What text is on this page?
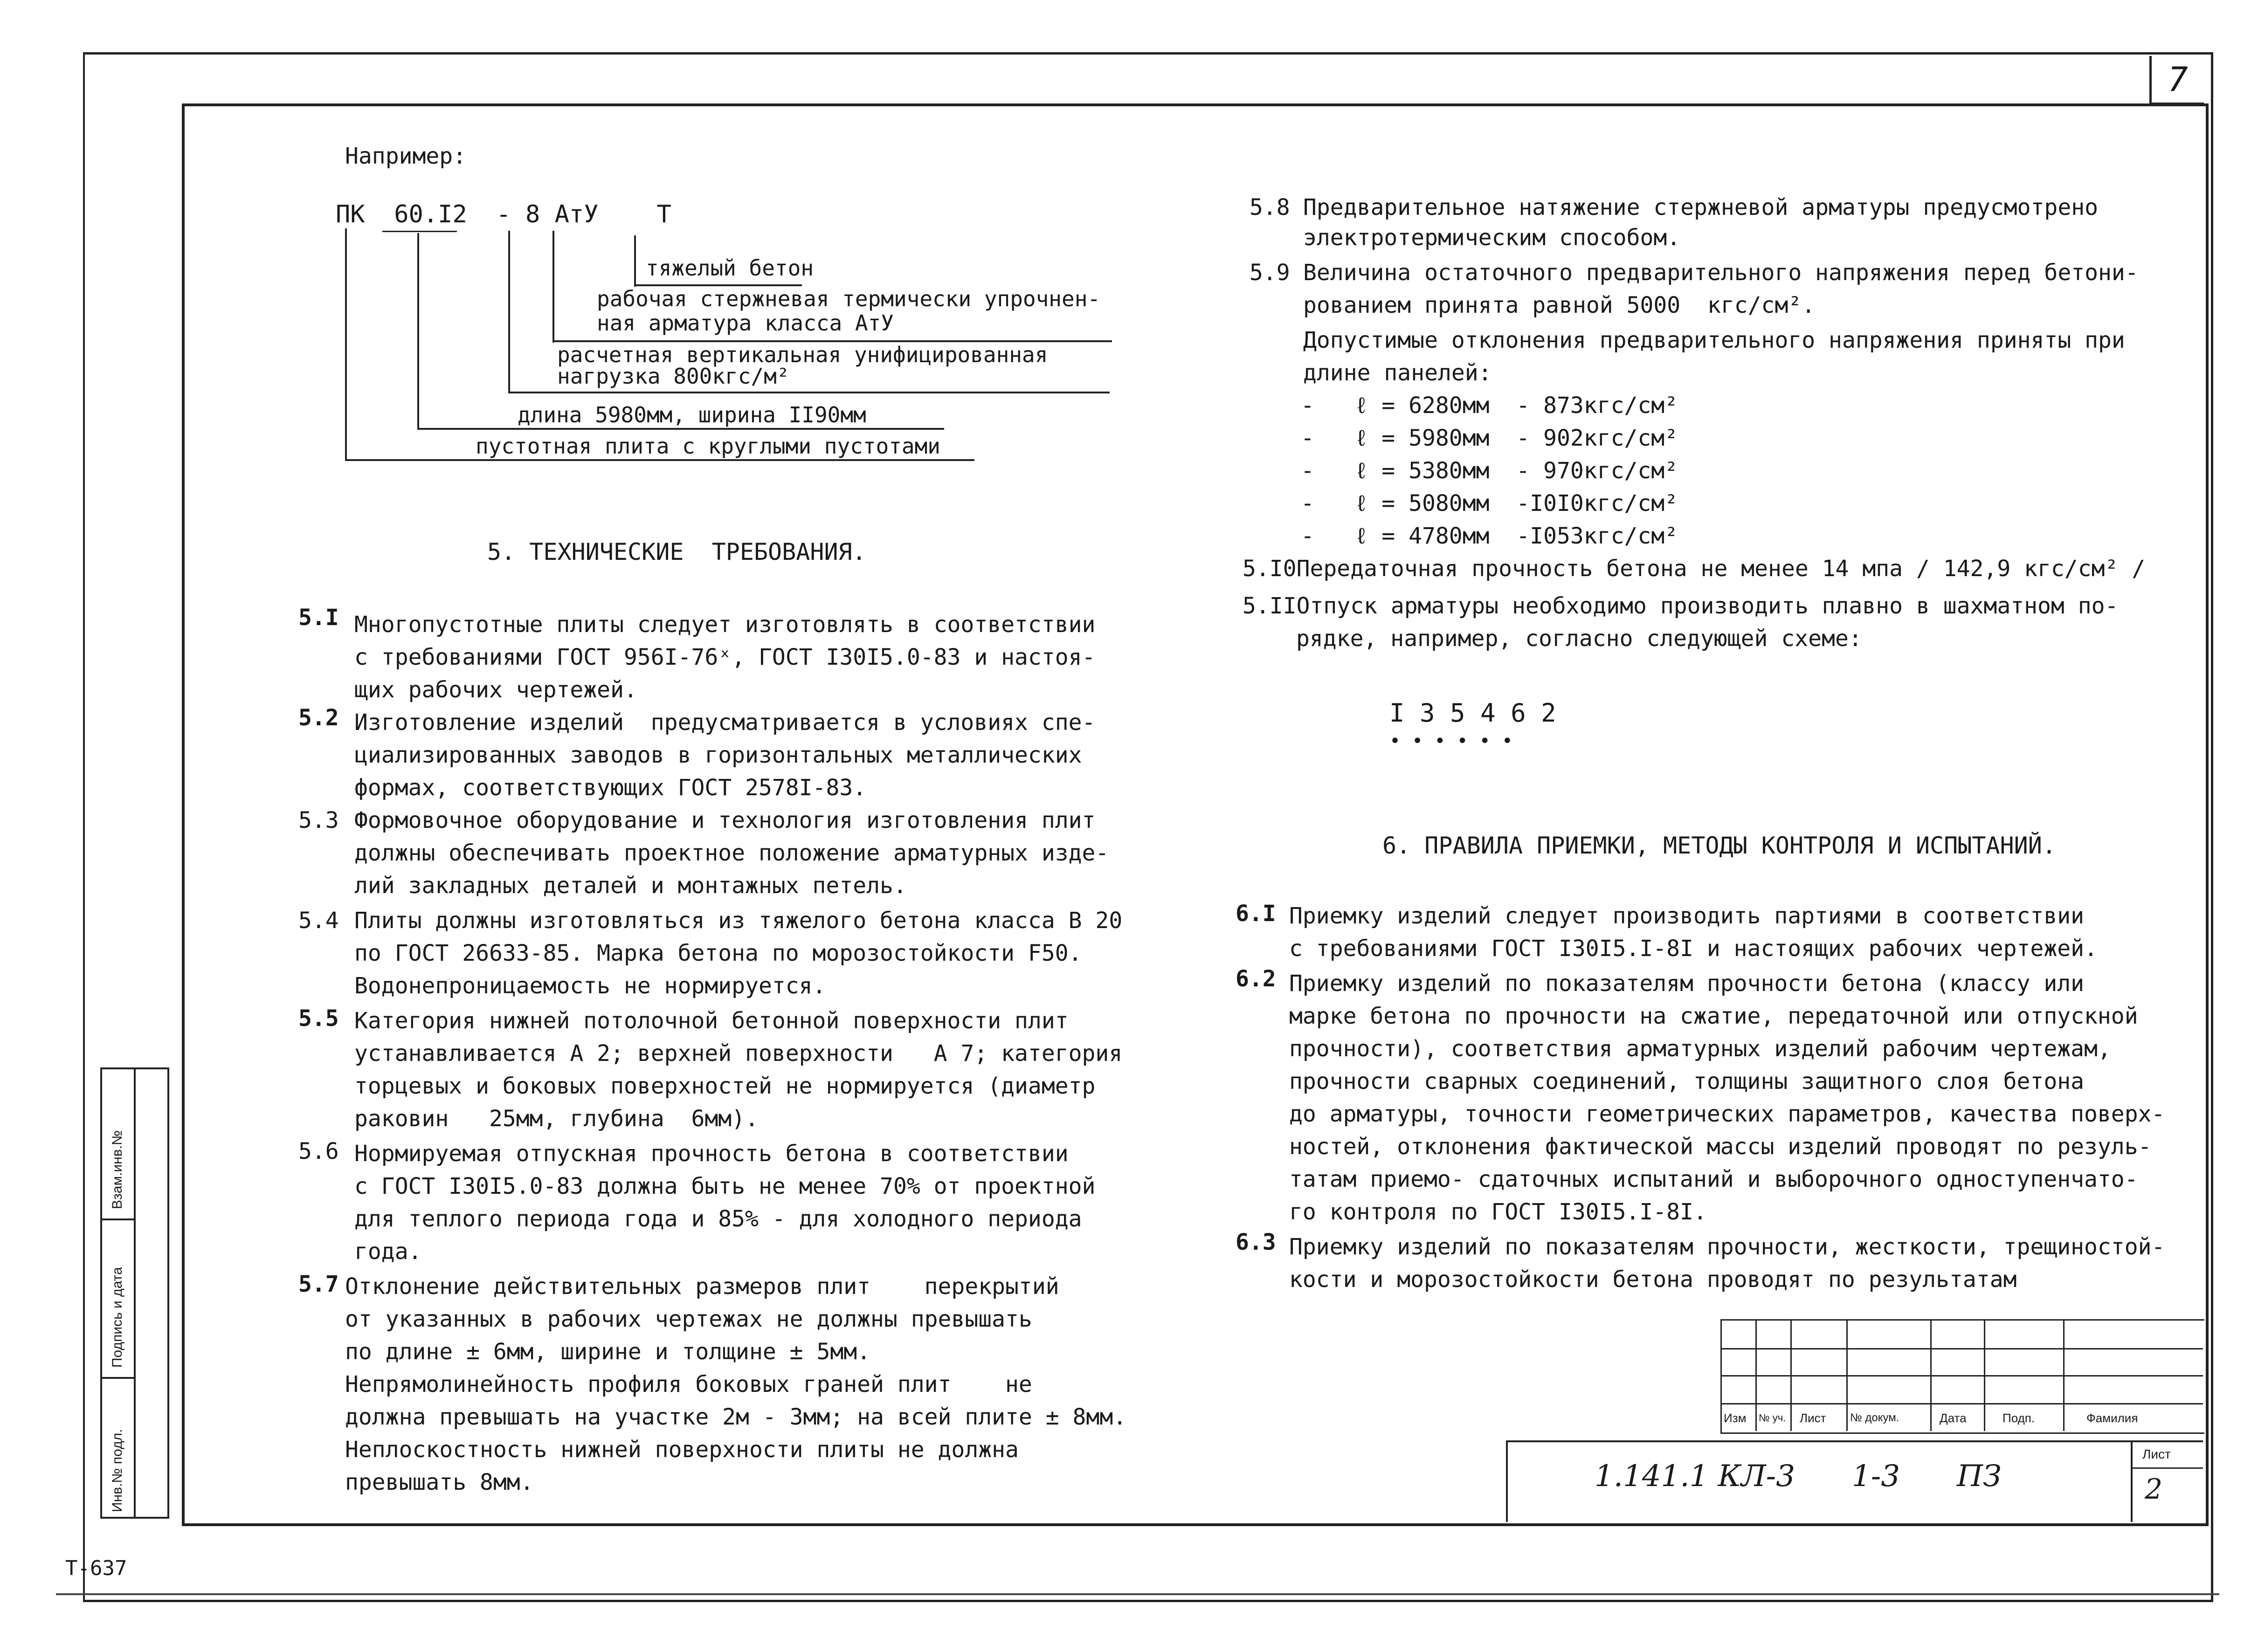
7
Т-637
Инв.№ подл.
Подпись и дата
Взам.инв.№
Например:
ПК  60.I2  - 8 АтУ    Т
тяжелый бетон
рабочая стержневая термически упрочнен-
ная арматура класса АтУ
расчетная вертикальная унифицированная
нагрузка 800кгс/м²
длина 5980мм, ширина II90мм
пустотная плита с круглыми пустотами
5. ТЕХНИЧЕСКИЕ  ТРЕБОВАНИЯ.
5.I Многопустотные плиты следует изготовлять в соответствии
с требованиями ГОСТ 956I-76ˣ, ГОСТ I30I5.0-83 и настоя-
щих рабочих чертежей.
5.2 Изготовление изделий  предусматривается в условиях спе-
циализированных заводов в горизонтальных металлических
формах, соответствующих ГОСТ 2578I-83.
5.3 Формовочное оборудование и технология изготовления плит
должны обеспечивать проектное положение арматурных изде-
лий закладных деталей и монтажных петель.
5.4 Плиты должны изготовляться из тяжелого бетона класса В 20
по ГОСТ 26633-85. Марка бетона по морозостойкости F50.
Водонепроницаемость не нормируется.
5.5 Категория нижней потолочной бетонной поверхности плит
устанавливается А 2; верхней поверхности   А 7; категория
торцевых и боковых поверхностей не нормируется (диаметр
раковин   25мм, глубина  6мм).
5.6 Нормируемая отпускная прочность бетона в соответствии
с ГОСТ I30I5.0-83 должна быть не менее 70% от проектной
для теплого периода года и 85% - для холодного периода
года.
5.7 Отклонение действительных размеров плит    перекрытий
от указанных в рабочих чертежах не должны превышать
по длине ± 6мм, ширине и толщине ± 5мм.
Непрямолинейность профиля боковых граней плит    не
должна превышать на участке 2м - 3мм; на всей плите ± 8мм.
Неплоскостность нижней поверхности плиты не должна
превышать 8мм.
5.8 Предварительное натяжение стержневой арматуры предусмотрено
электротермическим способом.
5.9 Величина остаточного предварительного напряжения перед бетони-
рованием принята равной 5000  кгс/см².
Допустимые отклонения предварительного напряжения приняты при
длине панелей:
-   ℓ = 6280мм  - 873кгс/см²
-   ℓ = 5980мм  - 902кгс/см²
-   ℓ = 5380мм  - 970кгс/см²
-   ℓ = 5080мм  -I0I0кгс/см²
-   ℓ = 4780мм  -I053кгс/см²
5.I0Передаточная прочность бетона не менее 14 мпа / 142,9 кгс/см² /
5.IIОтпуск арматуры необходимо производить плавно в шахматном по-
рядке, например, согласно следующей схеме:
I 3 5 4 6 2
• • • • • •
6. ПРАВИЛА ПРИЕМКИ, МЕТОДЫ КОНТРОЛЯ И ИСПЫТАНИЙ.
6.I Приемку изделий следует производить партиями в соответствии
с требованиями ГОСТ I30I5.I-8I и настоящих рабочих чертежей.
6.2 Приемку изделий по показателям прочности бетона (классу или
марке бетона по прочности на сжатие, передаточной или отпускной
прочности), соответствия арматурных изделий рабочим чертежам,
прочности сварных соединений, толщины защитного слоя бетона
до арматуры, точности геометрических параметров, качества поверх-
ностей, отклонения фактической массы изделий проводят по резуль-
татам приемо- сдаточных испытаний и выборочного одноступенчато-
го контроля по ГОСТ I30I5.I-8I.
6.3 Приемку изделий по показателям прочности, жесткости, трещиностой-
кости и морозостойкости бетона проводят по результатам
Изм № уч. Лист № докум.	Дата	Подп.	Фамилия
Лист
2
1.141.1 КЛ-3      1-3      ПЗ
